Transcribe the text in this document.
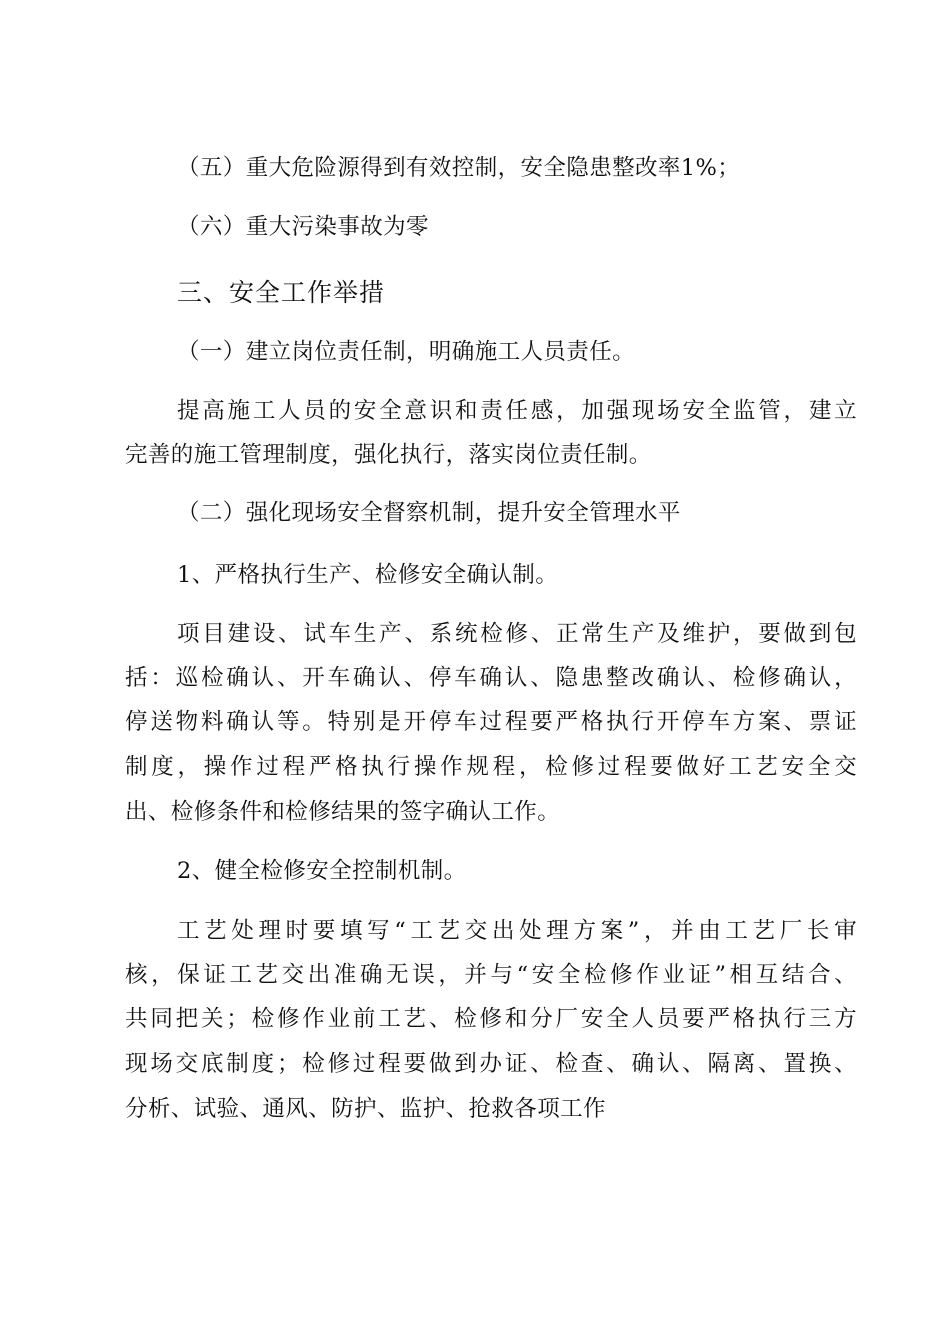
（五）重大危险源得到有效控制，安全隐患整改率1%；
（六）重大污染事故为零
三、安全工作举措
（一）建立岗位责任制，明确施工人员责任。
提高施工人员的安全意识和责任感，加强现场安全监管，建立
完善的施工管理制度，强化执行，落实岗位责任制。
（二）强化现场安全督察机制，提升安全管理水平
1、严格执行生产、检修安全确认制。
项目建设、试车生产、系统检修、正常生产及维护，要做到包
括：巡检确认、开车确认、停车确认、隐患整改确认、检修确认，
停送物料确认等。特别是开停车过程要严格执行开停车方案、票证
制度，操作过程严格执行操作规程，检修过程要做好工艺安全交
出、检修条件和检修结果的签字确认工作。
2、健全检修安全控制机制。
工艺处理时要填写“工艺交出处理方案”，并由工艺厂长审
核，保证工艺交出准确无误，并与“安全检修作业证”相互结合、
共同把关；检修作业前工艺、检修和分厂安全人员要严格执行三方
现场交底制度；检修过程要做到办证、检查、确认、隔离、置换、
分析、试验、通风、防护、监护、抢救各项工作
